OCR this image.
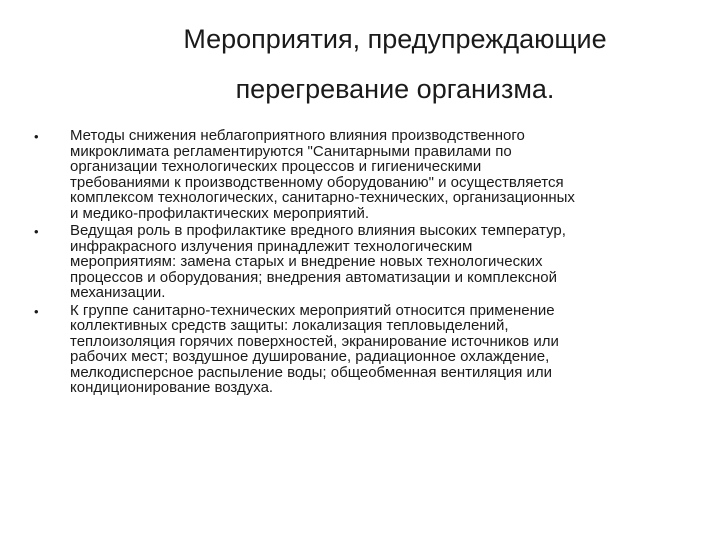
Мероприятия, предупреждающие
перегревание организма.
• Методы снижения неблагоприятного влияния производственного
микроклимата регламентируются "Санитарными правилами по
организации технологических процессов и гигиеническими
требованиями к производственному оборудованию" и осуществляется
комплексом технологических, санитарно-технических, организационных
и медико-профилактических мероприятий.
• Ведущая роль в профилактике вредного влияния высоких температур,
инфракрасного излучения принадлежит технологическим
мероприятиям: замена старых и внедрение новых технологических
процессов и оборудования; внедрения автоматизации и комплексной
механизации.
• К группе санитарно-технических мероприятий относится применение
коллективных средств защиты: локализация тепловыделений,
теплоизоляция горячих поверхностей, экранирование источников или
рабочих мест; воздушное душирование, радиационное охлаждение,
мелкодисперсное распыление воды; общеобменная вентиляция или
кондиционирование воздуха.
